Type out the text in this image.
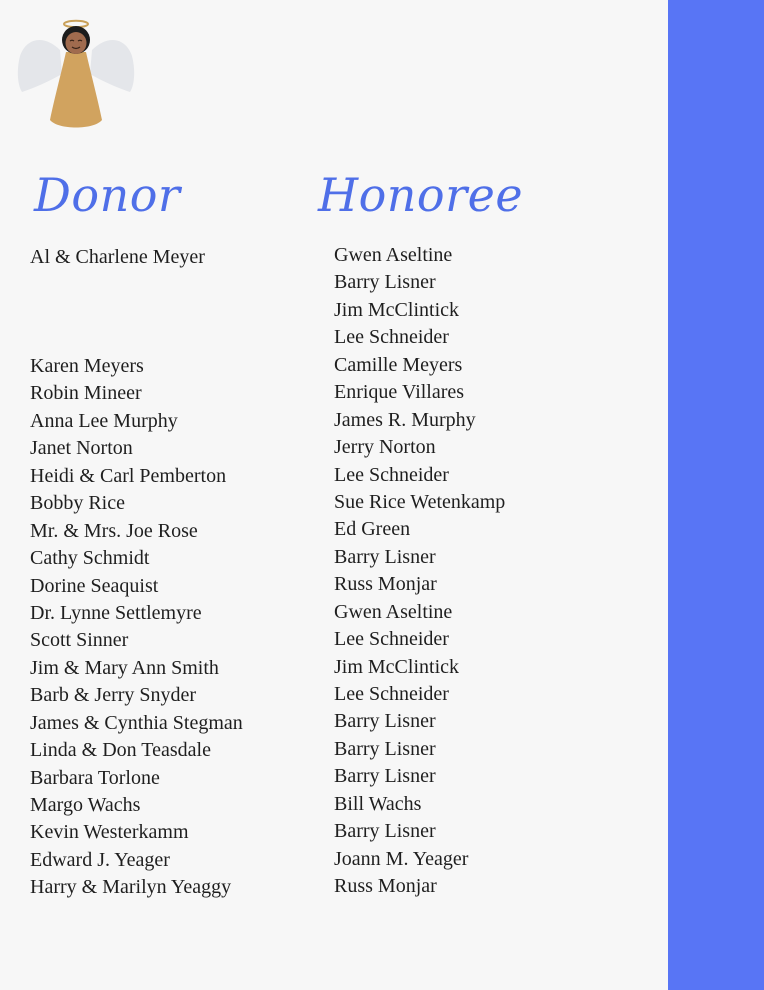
Donor	Honoree
Al & Charlene Meyer
Karen Meyers
Robin Mineer
Anna Lee Murphy
Janet Norton
Heidi & Carl Pemberton
Bobby Rice
Mr. & Mrs. Joe Rose
Cathy Schmidt
Dorine Seaquist
Dr. Lynne Settlemyre
Scott Sinner
Jim & Mary Ann Smith
Barb & Jerry Snyder
James & Cynthia Stegman
Linda & Don Teasdale
Barbara Torlone
Margo Wachs
Kevin Westerkamm
Edward J. Yeager
Harry & Marilyn Yeaggy
Gwen Aseltine
Barry Lisner
Jim McClintick
Lee Schneider
Camille Meyers
Enrique Villares
James R. Murphy
Jerry Norton
Lee Schneider
Sue Rice Wetenkamp
Ed Green
Barry Lisner
Russ Monjar
Gwen Aseltine
Lee Schneider
Jim McClintick
Lee Schneider
Barry Lisner
Barry Lisner
Barry Lisner
Bill Wachs
Barry Lisner
Joann M. Yeager
Russ Monjar
